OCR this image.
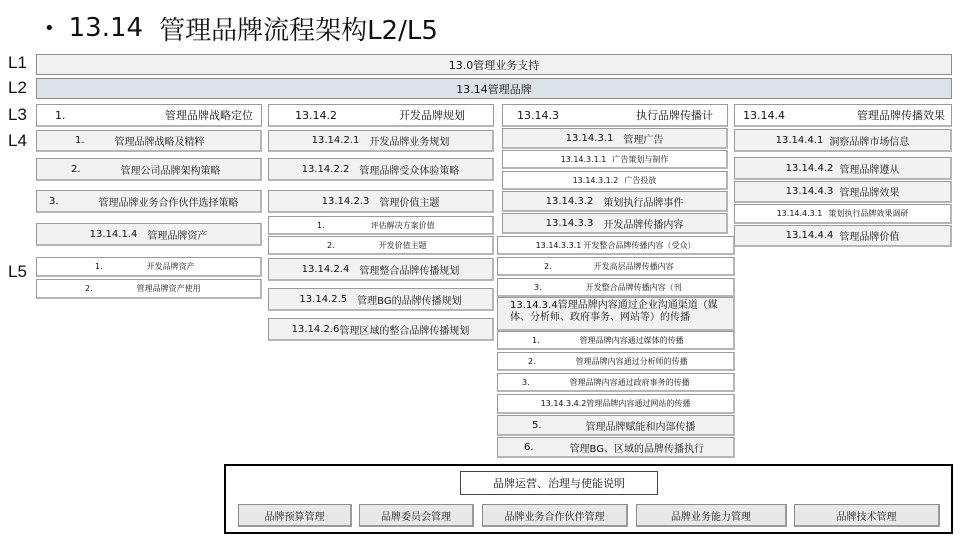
• 13.14 管理品牌流程架构L2/L5
L1
L2
L3
L4
L5
13.0管理业务支持
13.14管理品牌
1.	管理品牌战略定位
1.	管理品牌战略及精粹
2.	管理公司品牌架构策略
3.	管理品牌业务合作伙伴选择策略
13.14.1.4 管理品牌资产
1.	开发品牌资产
2.	管理品牌资产使用
13.14.2	开发品牌规划
13.14.2.1 开发品牌业务规划
13.14.2.2 管理品牌受众体验策略
13.14.2.3 管理价值主题
1.	评估解决方案价值
2.	开发价值主题
13.14.2.4 管理整合品牌传播规划
13.14.2.5 管理BG的品牌传播规划
13.14.2.6 管理区域的整合品牌传播规划
13.14.3	执行品牌传播计
13.14.3.1 管理广告
13.14.3.1.1 广告策划与制作
13.14.3.1.2 广告投放
13.14.3.2 策划执行品牌事件
13.14.3.3 开发品牌传播内容
13.14.3.3.1 开发整合品牌传播内容（受众）
2.	开发高层品牌传播内容
3.	开发整合品牌传播内容（刊
13.14.3.4管理品牌内容通过企业沟通渠道（媒体、分析师、政府事务、网站等）的传播
1.	管理品牌内容通过媒体的传播
2.	管理品牌内容通过分析师的传播
3.	管理品牌内容通过政府事务的传播
13.14.3.4.2 管理品牌内容通过网站的传播
5.	管理品牌赋能和内部传播
6.	管理BG、区域的品牌传播执行
13.14.4	管理品牌传播效果
13.14.4.1 洞察品牌市场信息
13.14.4.2 管理品牌遵从
13.14.4.3 管理品牌效果
13.14.4.3.1 策划执行品牌效果调研
13.14.4.4 管理品牌价值
品牌运营、治理与使能说明
品牌预算管理	品牌委员会管理	品牌业务合作伙伴管理	品牌业务能力管理	品牌技术管理
